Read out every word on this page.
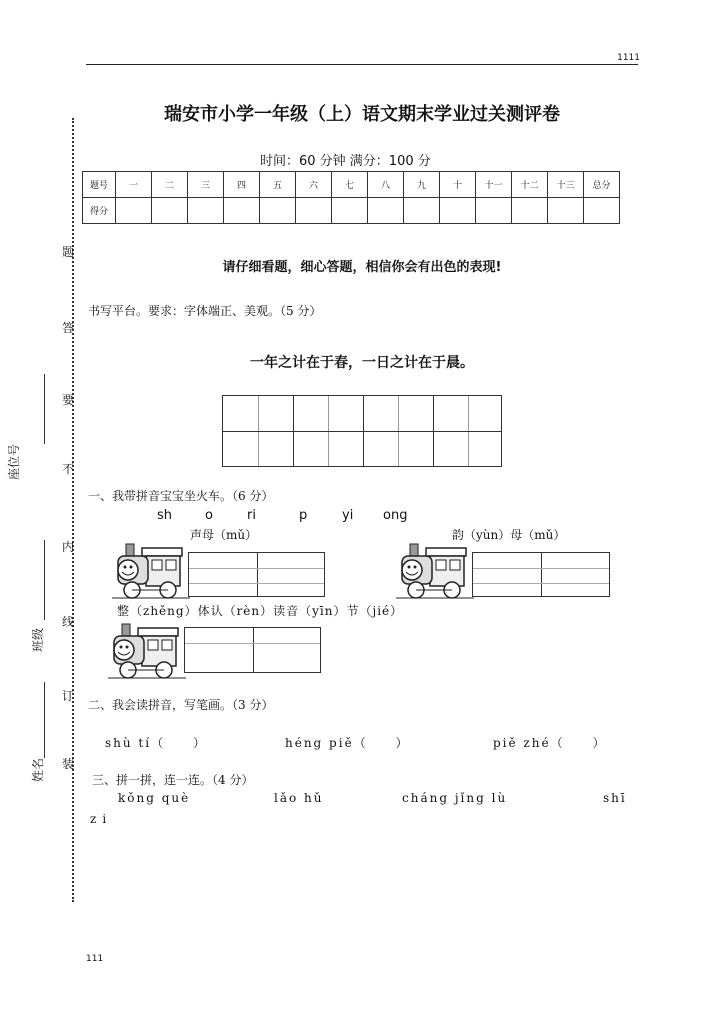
1111
题
答
要
不
内
线
订
装
座位号
班级
姓名
瑞安市小学一年级（上）语文期末学业过关测评卷
时间：60 分钟 满分：100 分
题号	一	二	三	四	五	六	七	八	九	十	十一	十二	十三	总分
得分														
请仔细看题，细心答题，相信你会有出色的表现!
书写平台。要求：字体端正、美观。（5 分）
一年之计在于春，一日之计在于晨。
一、我带拼音宝宝坐火车。（6 分）
sh	o	ri	p	yi ong
声母（mǔ）	韵（yùn）母（mǔ）
整（zhěng）体认（rèn）读音（yīn）节（jié）
二、我会读拼音，写笔画。（3 分）
shù tí（　　）	héng piě（　　）	piě zhé（　　）
三、拼一拼，连一连。（4 分）
kǒng què	lǎo hǔ	cháng jǐng lù	shī
zi
111
